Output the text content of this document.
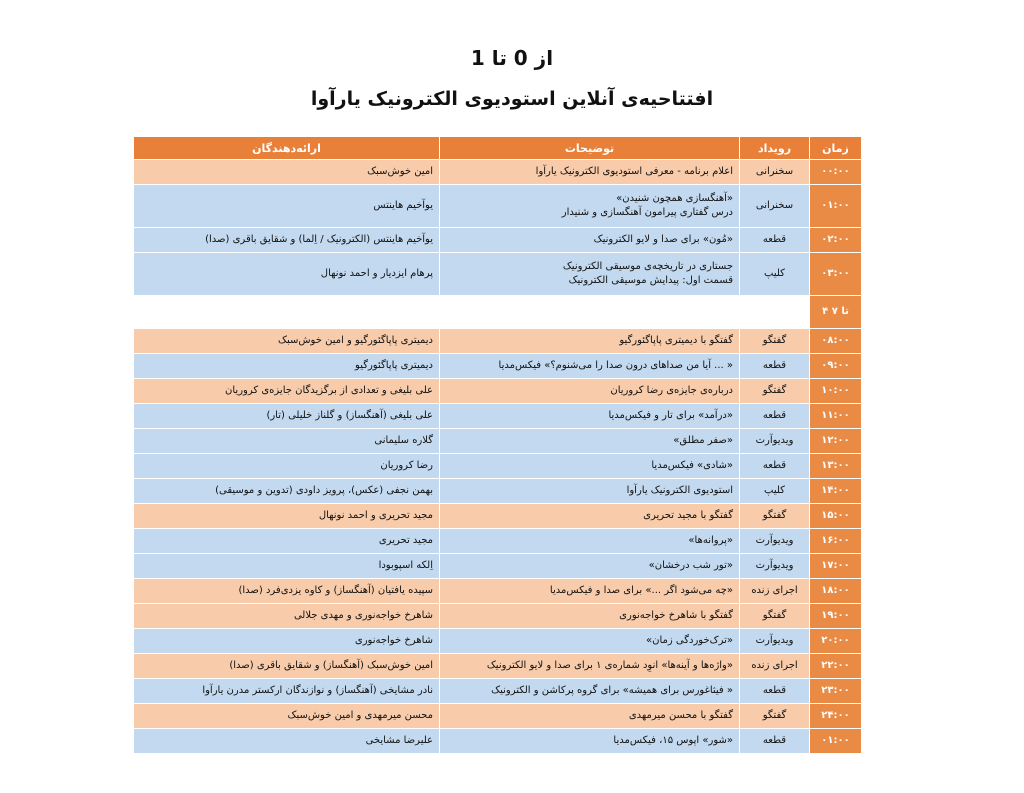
از 0 تا 1
افتتاحیه‌ی آنلاین استودیوی الکترونیک یارآوا
زمان	رویداد	توضیحات	ارائه‌دهندگان
۰۰:۰۰	سخنرانی	اعلام برنامه - معرفی استودیوی الکترونیک یارآوا	امین خوش‌سبک
۰۱:۰۰	سخنرانی	«آهنگسازی همچون شنیدن»
درس گفتاری پیرامون آهنگسازی و شنیدار	یوآخیم هاینتس
۰۲:۰۰	قطعه	«مُون» برای صدا و لایو الکترونیک	یوآخیم هاینتس (الکترونیک / اِلما) و شقایق باقری (صدا)
۰۳:۰۰	کلیپ	جستاری در تاریخچه‌ی موسیقی الکترونیک
قسمت اول: پیدایش موسیقی الکترونیک	پرهام ایزدیار و احمد نونهال
۴ تا ۷			
۰۸:۰۰	گفتگو	گفتگو با دیمیتری پاپاگئورگیو	دیمیتری پاپاگئورگیو و امین خوش‌سبک
۰۹:۰۰	قطعه	« ... آیا من صداهای درون صدا را می‌شنوم؟» فیکس‌مدیا	دیمیتری پاپاگئورگیو
۱۰:۰۰	گفتگو	درباره‌ی جایزه‌ی رضا کروریان	علی بلیغی و تعدادی از برگزیدگان جایزه‌ی کروریان
۱۱:۰۰	قطعه	«درآمد» برای تار و فیکس‌مدیا	علی بلیغی (آهنگساز) و گلناز خلیلی (تار)
۱۲:۰۰	ویدیوآرت	«صفر مطلق»	گلاره سلیمانی
۱۳:۰۰	قطعه	«شادی» فیکس‌مدیا	رضا کروریان
۱۴:۰۰	کلیپ	استودیوی الکترونیک یارآوا	بهمن نجفی (عکس)، پرویز داودی (تدوین و موسیقی)
۱۵:۰۰	گفتگو	گفتگو با مجید تحریری	مجید تحریری و احمد نونهال
۱۶:۰۰	ویدیوآرت	«پروانه‌ها»	مجید تحریری
۱۷:۰۰	ویدیوآرت	«تور شب درخشان»	اِلکه اسپوبودا
۱۸:۰۰	اجرای زنده	«چه می‌شود اگر ...» برای صدا و فیکس‌مدیا	سپیده یافتیان (آهنگساز) و کاوه یزدی‌فرد (صدا)
۱۹:۰۰	گفتگو	گفتگو با شاهرخ خواجه‌نوری	شاهرخ خواجه‌نوری و مهدی جلالی
۲۰:۰۰	ویدیوآرت	«ترک‌خوردگی زمان»	شاهرخ خواجه‌نوری
۲۲:۰۰	اجرای زنده	«واژه‌ها و آینه‌ها» انوِد شماره‌ی ۱ برای صدا و لایو الکترونیک	امین خوش‌سبک (آهنگساز) و شقایق باقری (صدا)
۲۳:۰۰	قطعه	« فیثاغورس برای همیشه» برای گروه پرکاشن و الکترونیک	نادر مشایخی (آهنگساز) و نوازندگان ارکستر مدرن یارآوا
۲۴:۰۰	گفتگو	گفتگو با محسن میرمهدی	محسن میرمهدی و امین خوش‌سبک
۰۱:۰۰	قطعه	«شور» اپوس ۱۵، فیکس‌مدیا	علیرضا مشایخی
